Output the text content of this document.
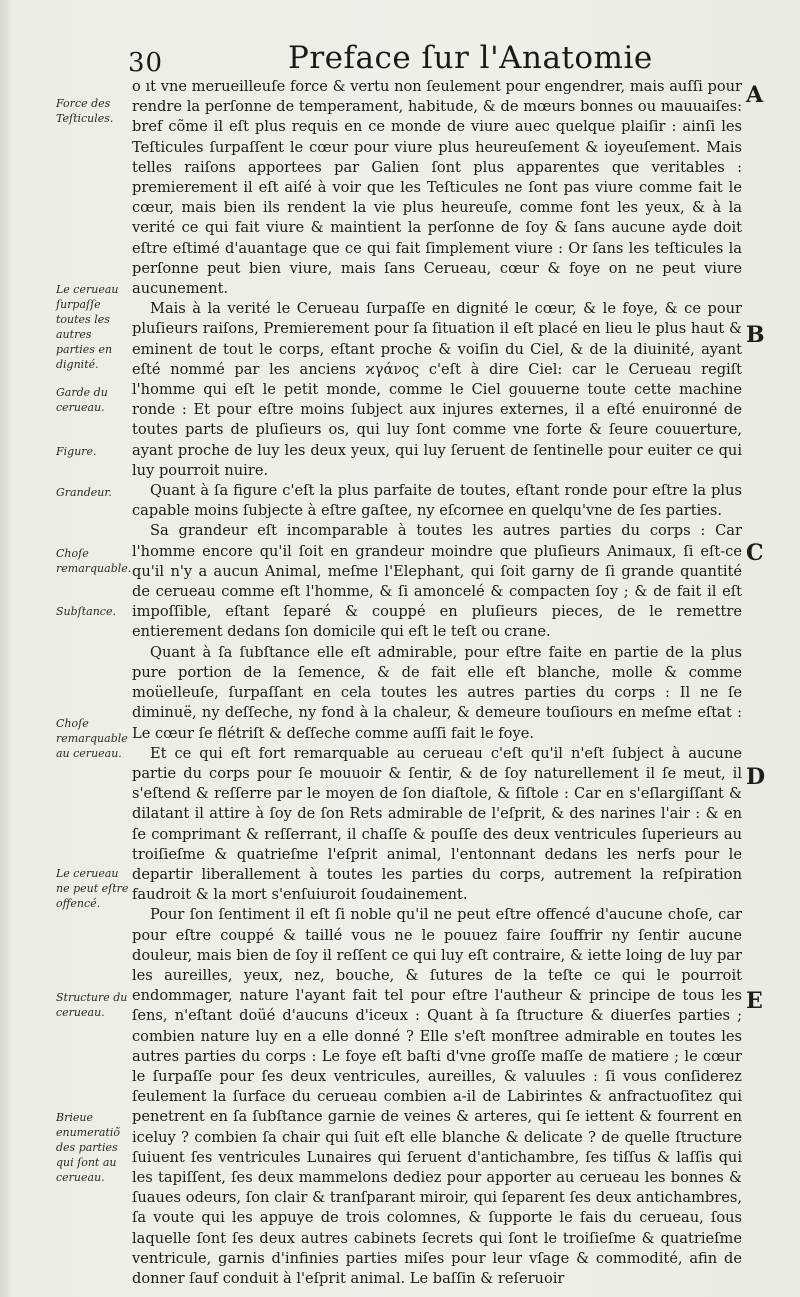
30	Preface ſur l'Anatomie
Force des Teſticules.
Le cerueau ſurpaſſe toutes les autres parties en dignité.
Garde du cerueau.
Figure.
Grandeur.
Choſe remarquable.
Subſtance.
Choſe remarquable au cerueau.
Le cerueau ne peut eſtre offencé.
Structure du cerueau.
Brieue enumeratiõ des parties qui ſont au cerueau.
A
B
C
D
E

o ıt vne merueilleuſe force & vertu non ſeulement pour engendrer, mais auſſi pour rendre la perſonne de temperament, habitude, & de mœurs bonnes ou mauuaiſes: bref cõme il eſt plus requis en ce monde de viure auec quelque plaiſir : ainſi les Teſticules ſurpaſſent le cœur pour viure plus heureuſement & ioyeuſement. Mais telles raiſons apportees par Galien ſont plus apparentes que veritables : premierement il eſt aiſé à voir que les Teſticules ne ſont pas viure comme fait le cœur, mais bien ils rendent la vie plus heureuſe, comme font les yeux, & à la verité ce qui fait viure & maintient la perſonne de ſoy & ſans aucune ayde doit eſtre eſtimé d'auantage que ce qui fait ſimplement viure : Or ſans les teſticules la perſonne peut bien viure, mais ſans Cerueau, cœur & foye on ne peut viure aucunement.

Mais à la verité le Cerueau ſurpaſſe en dignité le cœur, & le foye, & ce pour pluſieurs raiſons, Premierement pour ſa ſituation il eſt placé en lieu le plus haut & eminent de tout le corps, eſtant proche & voiſin du Ciel, & de la diuinité, ayant eſté nommé par les anciens ϰγάνος c'eſt à dire Ciel: car le Cerueau regiſt l'homme qui eſt le petit monde, comme le Ciel gouuerne toute cette machine ronde : Et pour eſtre moins ſubject aux injures externes, il a eſté enuironné de toutes parts de pluſieurs os, qui luy ſont comme vne forte & ſeure couuerture, ayant proche de luy les deux yeux, qui luy ſeruent de ſentinelle pour euiter ce qui luy pourroit nuire.

Quant à ſa figure c'eſt la plus parfaite de toutes, eſtant ronde pour eſtre la plus capable moins ſubjecte à eſtre gaſtee, ny eſcornee en quelqu'vne de ſes parties.

Sa grandeur eſt incomparable à toutes les autres parties du corps : Car l'homme encore qu'il ſoit en grandeur moindre que pluſieurs Animaux, ſi eſt-ce qu'il n'y a aucun Animal, meſme l'Elephant, qui ſoit garny de ſi grande quantité de cerueau comme eſt l'homme, & ſi amoncelé & compacten ſoy ; & de fait il eſt impoſſible, eſtant ſeparé & couppé en pluſieurs pieces, de le remettre entierement dedans ſon domicile qui eſt le teſt ou crane.

Quant à ſa ſubſtance elle eſt admirable, pour eſtre faite en partie de la plus pure portion de la ſemence, & de fait elle eſt blanche, molle & comme moüelleuſe, ſurpaſſant en cela toutes les autres parties du corps : Il ne ſe diminuë, ny deſſeche, ny fond à la chaleur, & demeure touſiours en meſme eſtat : Le cœur ſe flétriſt & deſſeche comme auſſi fait le foye.

Et ce qui eſt fort remarquable au cerueau c'eſt qu'il n'eſt ſubject à aucune partie du corps pour ſe mouuoir & ſentir, & de ſoy naturellement il ſe meut, il s'eſtend & reſſerre par le moyen de ſon diaſtole, & ſiſtole : Car en s'eſlargiſſant & dilatant il attire à ſoy de ſon Rets admirable de l'eſprit, & des narines l'air : & en ſe comprimant & reſſerrant, il chaſſe & pouſſe des deux ventricules ſuperieurs au troiſieſme & quatrieſme l'eſprit animal, l'entonnant dedans les nerfs pour le departir liberallement à toutes les parties du corps, autrement la reſpiration faudroit & la mort s'enſuiuroit ſoudainement.

Pour ſon ſentiment il eſt ſi noble qu'il ne peut eſtre offencé d'aucune choſe, car pour eſtre couppé & taillé vous ne le pouuez faire ſouffrir ny ſentir aucune douleur, mais bien de ſoy il reſſent ce qui luy eſt contraire, & iette loing de luy par les aureilles, yeux, nez, bouche, & ſutures de la teſte ce qui le pourroit endommager, nature l'ayant fait tel pour eſtre l'autheur & principe de tous les ſens, n'eſtant doüé d'aucuns d'iceux : Quant à ſa ſtructure & diuerſes parties ; combien nature luy en a elle donné ? Elle s'eſt monſtree admirable en toutes les autres parties du corps : Le foye eſt baſti d'vne groſſe maſſe de matiere ; le cœur le ſurpaſſe pour ſes deux ventricules, aureilles, & valuules : ſi vous conſiderez ſeulement la ſurface du cerueau combien a-il de Labirintes & anfractuoſitez qui penetrent en ſa ſubſtance garnie de veines & arteres, qui ſe iettent & fourrent en iceluy ? combien ſa chair qui ſuit eſt elle blanche & delicate ? de quelle ſtructure ſuiuent ſes ventricules Lunaires qui ſeruent d'antichambre, ſes tiſſus & laſſis qui les tapiſſent, ſes deux mammelons dediez pour apporter au cerueau les bonnes & ſuaues odeurs, ſon clair & tranſparant miroir, qui ſeparent ſes deux antichambres, ſa voute qui les appuye de trois colomnes, & ſupporte le fais du cerueau, ſous laquelle ſont ſes deux autres cabinets ſecrets qui ſont le troiſieſme & quatrieſme ventricule, garnis d'infinies parties miſes pour leur vſage & commodité, afin de donner ſauf conduit à l'eſprit animal. Le baſſin & reſeruoir
